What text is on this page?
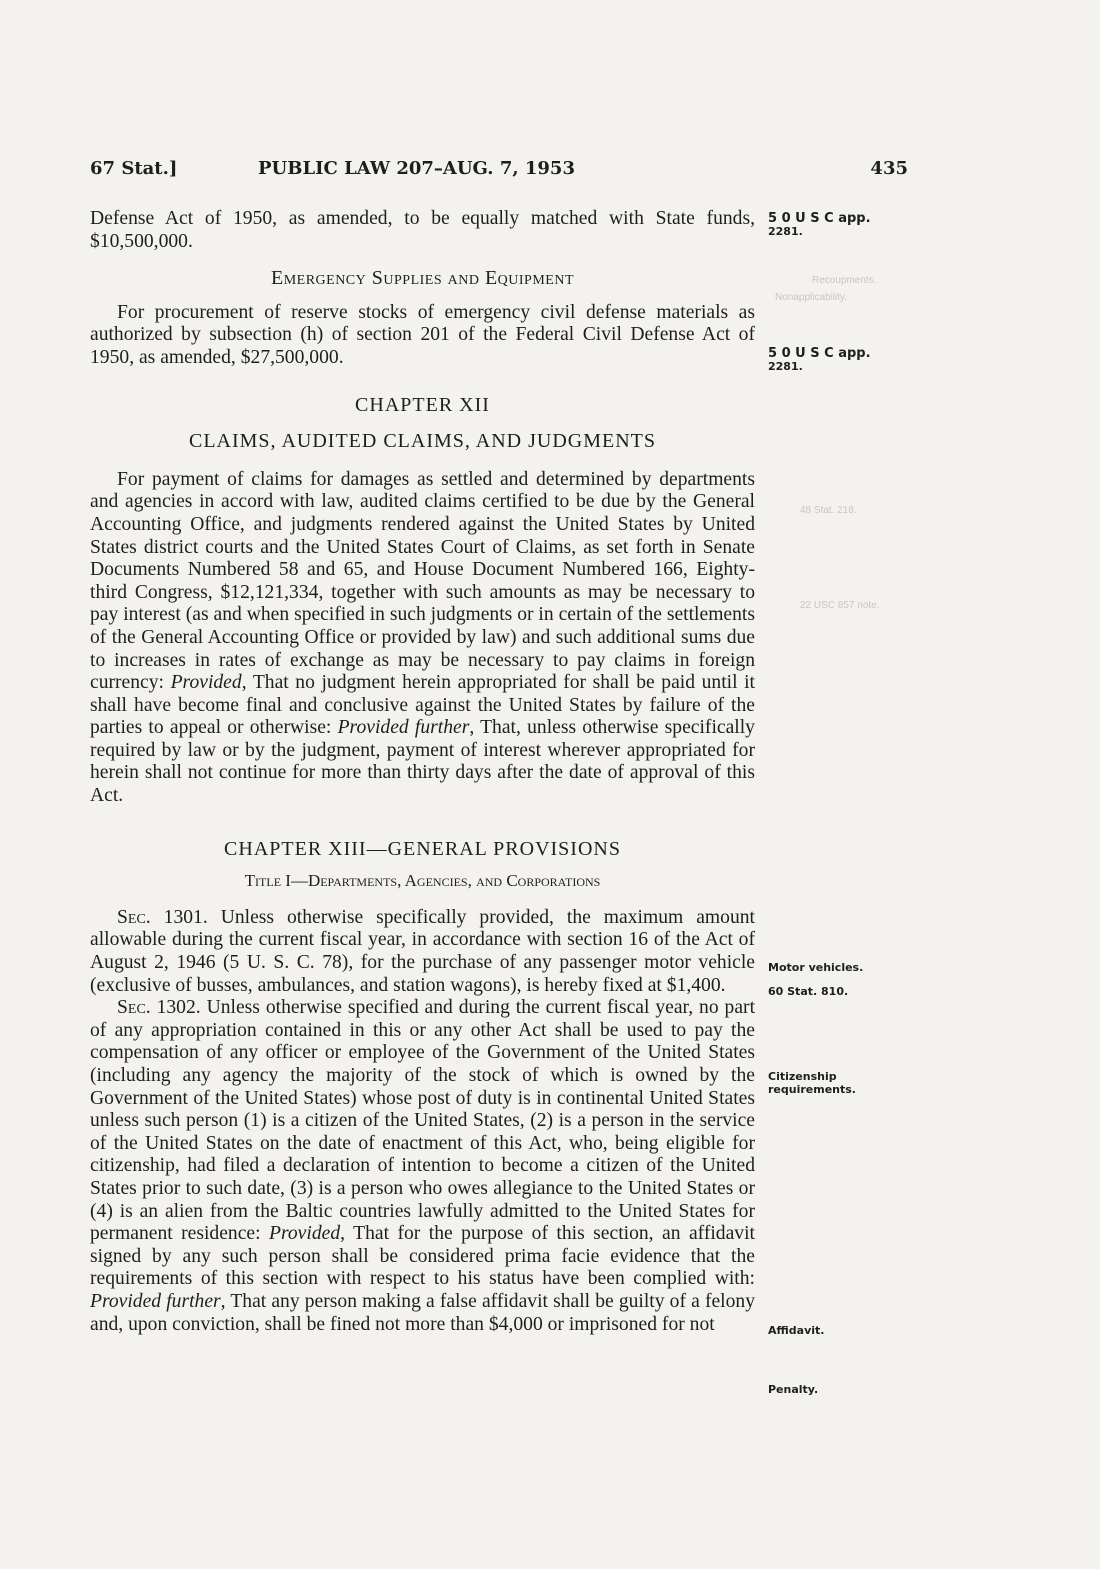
67 Stat.]	PUBLIC LAW 207–AUG. 7, 1953	435
Recoupments.
Nonapplicability.
48 Stat. 218.
22 USC 857 note.

Defense Act of 1950, as amended, to be equally matched with State funds, $10,500,000.

Emergency Supplies and Equipment

For procurement of reserve stocks of emergency civil defense materials as authorized by subsection (h) of section 201 of the Federal Civil Defense Act of 1950, as amended, $27,500,000.

CHAPTER XII

CLAIMS, AUDITED CLAIMS, AND JUDGMENTS

For payment of claims for damages as settled and determined by departments and agencies in accord with law, audited claims certified to be due by the General Accounting Office, and judgments rendered against the United States by United States district courts and the United States Court of Claims, as set forth in Senate Documents Numbered 58 and 65, and House Document Numbered 166, Eighty-third Congress, $12,121,334, together with such amounts as may be necessary to pay interest (as and when specified in such judgments or in certain of the settlements of the General Accounting Office or provided by law) and such additional sums due to increases in rates of exchange as may be necessary to pay claims in foreign currency: Provided, That no judgment herein appropriated for shall be paid until it shall have become final and conclusive against the United States by failure of the parties to appeal or otherwise: Provided further, That, unless otherwise specifically required by law or by the judgment, payment of interest wherever appropriated for herein shall not continue for more than thirty days after the date of approval of this Act.

CHAPTER XIII—GENERAL PROVISIONS

Title I—Departments, Agencies, and Corporations

Sec. 1301. Unless otherwise specifically provided, the maximum amount allowable during the current fiscal year, in accordance with section 16 of the Act of August 2, 1946 (5 U. S. C. 78), for the purchase of any passenger motor vehicle (exclusive of busses, ambulances, and station wagons), is hereby fixed at $1,400.

Sec. 1302. Unless otherwise specified and during the current fiscal year, no part of any appropriation contained in this or any other Act shall be used to pay the compensation of any officer or employee of the Government of the United States (including any agency the majority of the stock of which is owned by the Government of the United States) whose post of duty is in continental United States unless such person (1) is a citizen of the United States, (2) is a person in the service of the United States on the date of enactment of this Act, who, being eligible for citizenship, had filed a declaration of intention to become a citizen of the United States prior to such date, (3) is a person who owes allegiance to the United States or (4) is an alien from the Baltic countries lawfully admitted to the United States for permanent residence: Provided, That for the purpose of this section, an affidavit signed by any such person shall be considered prima facie evidence that the requirements of this section with respect to his status have been complied with: Provided further, That any person making a false affidavit shall be guilty of a felony and, upon conviction, shall be fined not more than $4,000 or imprisoned for not

5 0 U S C app.
2281.
5 0 U S C app.
2281.
Motor vehicles.
60 Stat. 810.
Citizenship requirements.
Affidavit.
Penalty.
